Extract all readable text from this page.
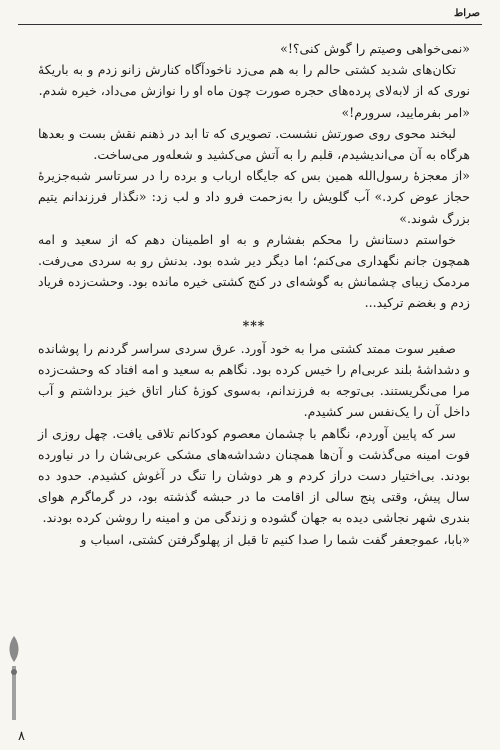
صراط

«نمی‌خواهی وصیتم را گوش کنی؟!»

تکان‌های شدید کشتی حالم را به هم می‌زد ناخودآگاه کنارش زانو زدم و به باریکهٔ نوری که از لابه‌لای پرده‌های حجره صورت چون ماه او را نوازش می‌داد، خیره شدم.

«امر بفرمایید، سرورم!»

لبخند محوی روی صورتش نشست. تصویری که تا ابد در ذهنم نقش بست و بعدها هرگاه به آن می‌اندیشیدم، قلبم را به آتش می‌کشید و شعله‌ور می‌ساخت.

«از معجزهٔ رسول‌الله همین بس که جایگاه ارباب و برده را در سرتاسر شبه‌جزیرهٔ حجاز عوض کرد.» آب گلویش را به‌زحمت فرو داد و لب زد: «نگذار فرزندانم یتیم بزرگ شوند.»

خواستم دستانش را محکم بفشارم و به او اطمینان دهم که از سعید و امه همچون جانم نگهداری می‌کنم؛ اما دیگر دیر شده بود. بدنش رو به سردی می‌رفت. مردمک زیبای چشمانش به گوشه‌ای در کنج کشتی خیره مانده بود. وحشت‌زده فریاد زدم و بغضم ترکید...

***

صفیر سوت ممتد کشتی مرا به خود آورد. عرق سردی سراسر گردنم را پوشانده و دشداشهٔ بلند عربی‌ام را خیس کرده بود. نگاهم به سعید و امه افتاد که وحشت‌زده مرا می‌نگریستند. بی‌توجه به فرزندانم، به‌سوی کوزهٔ کنار اتاق خیز برداشتم و آب داخل آن را یک‌نفس سر کشیدم.

سر که پایین آوردم، نگاهم با چشمان معصوم کودکانم تلاقی یافت. چهل روزی از فوت امینه می‌گذشت و آن‌ها همچنان دشداشه‌های مشکی عربی‌شان را در نیاورده بودند. بی‌اختیار دست دراز کردم و هر دوشان را تنگ در آغوش کشیدم. حدود ده سال پیش، وقتی پنج سالی از اقامت ما در حبشه گذشته بود، در گرماگرم هوای بندری شهر نجاشی دیده به جهان گشوده و زندگی من و امینه را روشن کرده بودند.

«بابا، عموجعفر گفت شما را صدا کنیم تا قبل از پهلوگرفتن کشتی، اسباب و

۸
